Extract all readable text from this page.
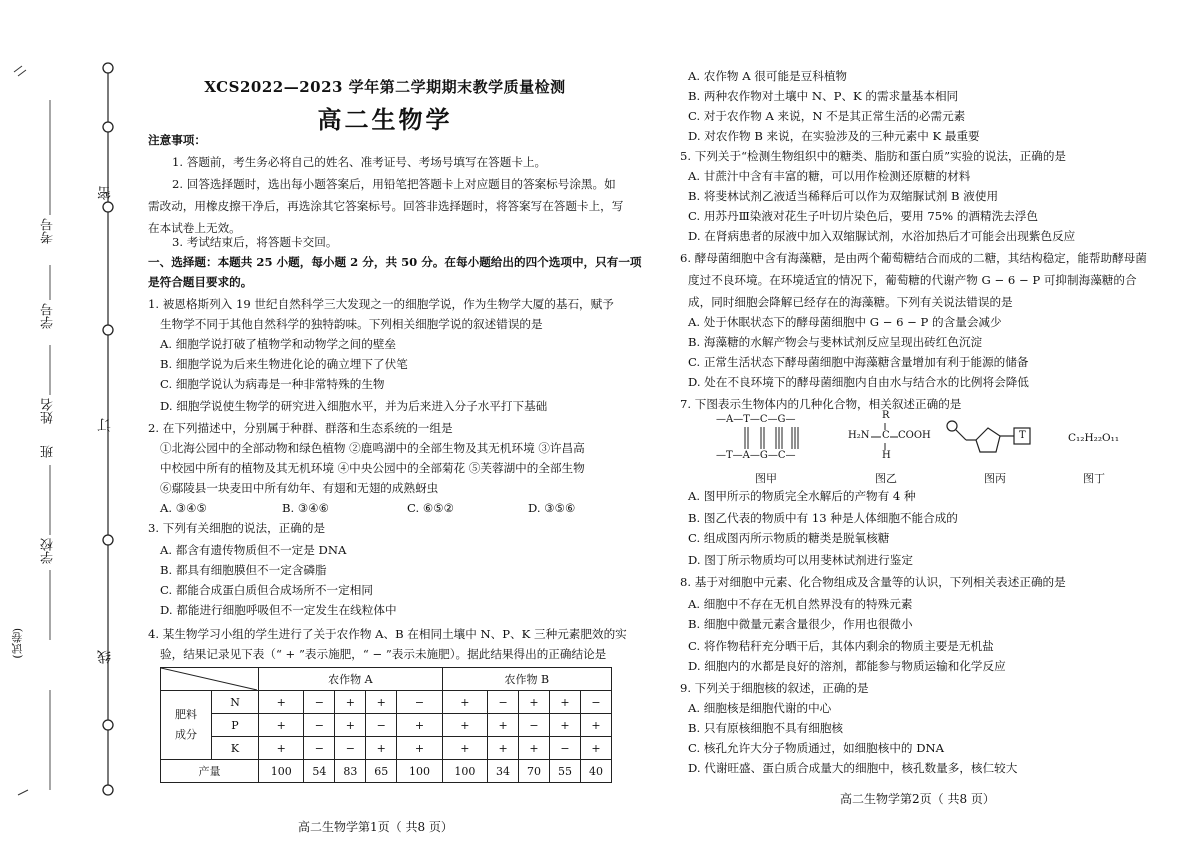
考号
学号
姓名
班
学校
密
订
线
(试卷)
XCS2022—2023 学年第二学期期末教学质量检测
高二生物学
注意事项：
1. 答题前，考生务必将自己的姓名、准考证号、考场号填写在答题卡上。
2. 回答选择题时，选出每小题答案后，用铅笔把答题卡上对应题目的答案标号涂黑。如
需改动，用橡皮擦干净后，再选涂其它答案标号。回答非选择题时，将答案写在答题卡上，写
在本试卷上无效。
3. 考试结束后，将答题卡交回。
一、选择题：本题共 25 小题，每小题 2 分，共 50 分。在每小题给出的四个选项中，只有一项
是符合题目要求的。
1. 被恩格斯列入 19 世纪自然科学三大发现之一的细胞学说，作为生物学大厦的基石，赋予
生物学不同于其他自然科学的独特韵味。下列相关细胞学说的叙述错误的是
A. 细胞学说打破了植物学和动物学之间的壁垒
B. 细胞学说为后来生物进化论的确立埋下了伏笔
C. 细胞学说认为病毒是一种非常特殊的生物
D. 细胞学说使生物学的研究进入细胞水平，并为后来进入分子水平打下基础
2. 在下列描述中，分别属于种群、群落和生态系统的一组是
①北海公园中的全部动物和绿色植物 ②鹿鸣湖中的全部生物及其无机环境 ③许昌高
中校园中所有的植物及其无机环境 ④中央公园中的全部菊花 ⑤芙蓉湖中的全部生物
⑥鄢陵县一块麦田中所有幼年、有翅和无翅的成熟蚜虫
A. ③④⑤	B. ③④⑥	C. ⑥⑤②	D. ③⑤⑥
3. 下列有关细胞的说法，正确的是
A. 都含有遗传物质但不一定是 DNA
B. 都具有细胞膜但不一定含磷脂
C. 都能合成蛋白质但合成场所不一定相同
D. 都能进行细胞呼吸但不一定发生在线粒体中
4. 某生物学习小组的学生进行了关于农作物 A、B 在相同土壤中 N、P、K 三种元素肥效的实
验，结果记录见下表（“ + ”表示施肥，“ − ”表示未施肥）。据此结果得出的正确结论是
	农作物 A					农作物 B				
肥料
成分	N	+	−	+	+	−	+	−	+	+	−
	P	+	−	+	−	+	+	+	−	+	+
	K	+	−	−	+	+	+	+	+	−	+
产量		100	54	83	65	100	100	34	70	55	40
A. 农作物 A 很可能是豆科植物
B. 两种农作物对土壤中 N、P、K 的需求量基本相同
C. 对于农作物 A 来说，N 不是其正常生活的必需元素
D. 对农作物 B 来说，在实验涉及的三种元素中 K 最重要
5. 下列关于“检测生物组织中的糖类、脂肪和蛋白质”实验的说法，正确的是
A. 甘蔗汁中含有丰富的糖，可以用作检测还原糖的材料
B. 将斐林试剂乙液适当稀释后可以作为双缩脲试剂 B 液使用
C. 用苏丹Ⅲ染液对花生子叶切片染色后，要用 75% 的酒精洗去浮色
D. 在肾病患者的尿液中加入双缩脲试剂，水浴加热后才可能会出现紫色反应
6. 酵母菌细胞中含有海藻糖，是由两个葡萄糖结合而成的二糖，其结构稳定，能帮助酵母菌
度过不良环境。在环境适宜的情况下，葡萄糖的代谢产物 G − 6 − P 可抑制海藻糖的合
成，同时细胞会降解已经存在的海藻糖。下列有关说法错误的是
A. 处于休眠状态下的酵母菌细胞中 G − 6 − P 的含量会减少
B. 海藻糖的水解产物会与斐林试剂反应呈现出砖红色沉淀
C. 正常生活状态下酵母菌细胞中海藻糖含量增加有利于能源的储备
D. 处在不良环境下的酵母菌细胞内自由水与结合水的比例将会降低
7. 下图表示生物体内的几种化合物，相关叙述正确的是
—A—T—C—G—
—T—A—G—C—
图甲
R
H₂N C COOH
H
图乙
T
图丙
C₁₂H₂₂O₁₁
图丁
A. 图甲所示的物质完全水解后的产物有 4 种
B. 图乙代表的物质中有 13 种是人体细胞不能合成的
C. 组成图丙所示物质的糖类是脱氧核糖
D. 图丁所示物质均可以用斐林试剂进行鉴定
8. 基于对细胞中元素、化合物组成及含量等的认识，下列相关表述正确的是
A. 细胞中不存在无机自然界没有的特殊元素
B. 细胞中微量元素含量很少，作用也很微小
C. 将作物秸秆充分晒干后，其体内剩余的物质主要是无机盐
D. 细胞内的水都是良好的溶剂，都能参与物质运输和化学反应
9. 下列关于细胞核的叙述，正确的是
A. 细胞核是细胞代谢的中心
B. 只有原核细胞不具有细胞核
C. 核孔允许大分子物质通过，如细胞核中的 DNA
D. 代谢旺盛、蛋白质合成量大的细胞中，核孔数量多，核仁较大
高二生物学第1页（ 共8 页）
高二生物学第2页（ 共8 页）
